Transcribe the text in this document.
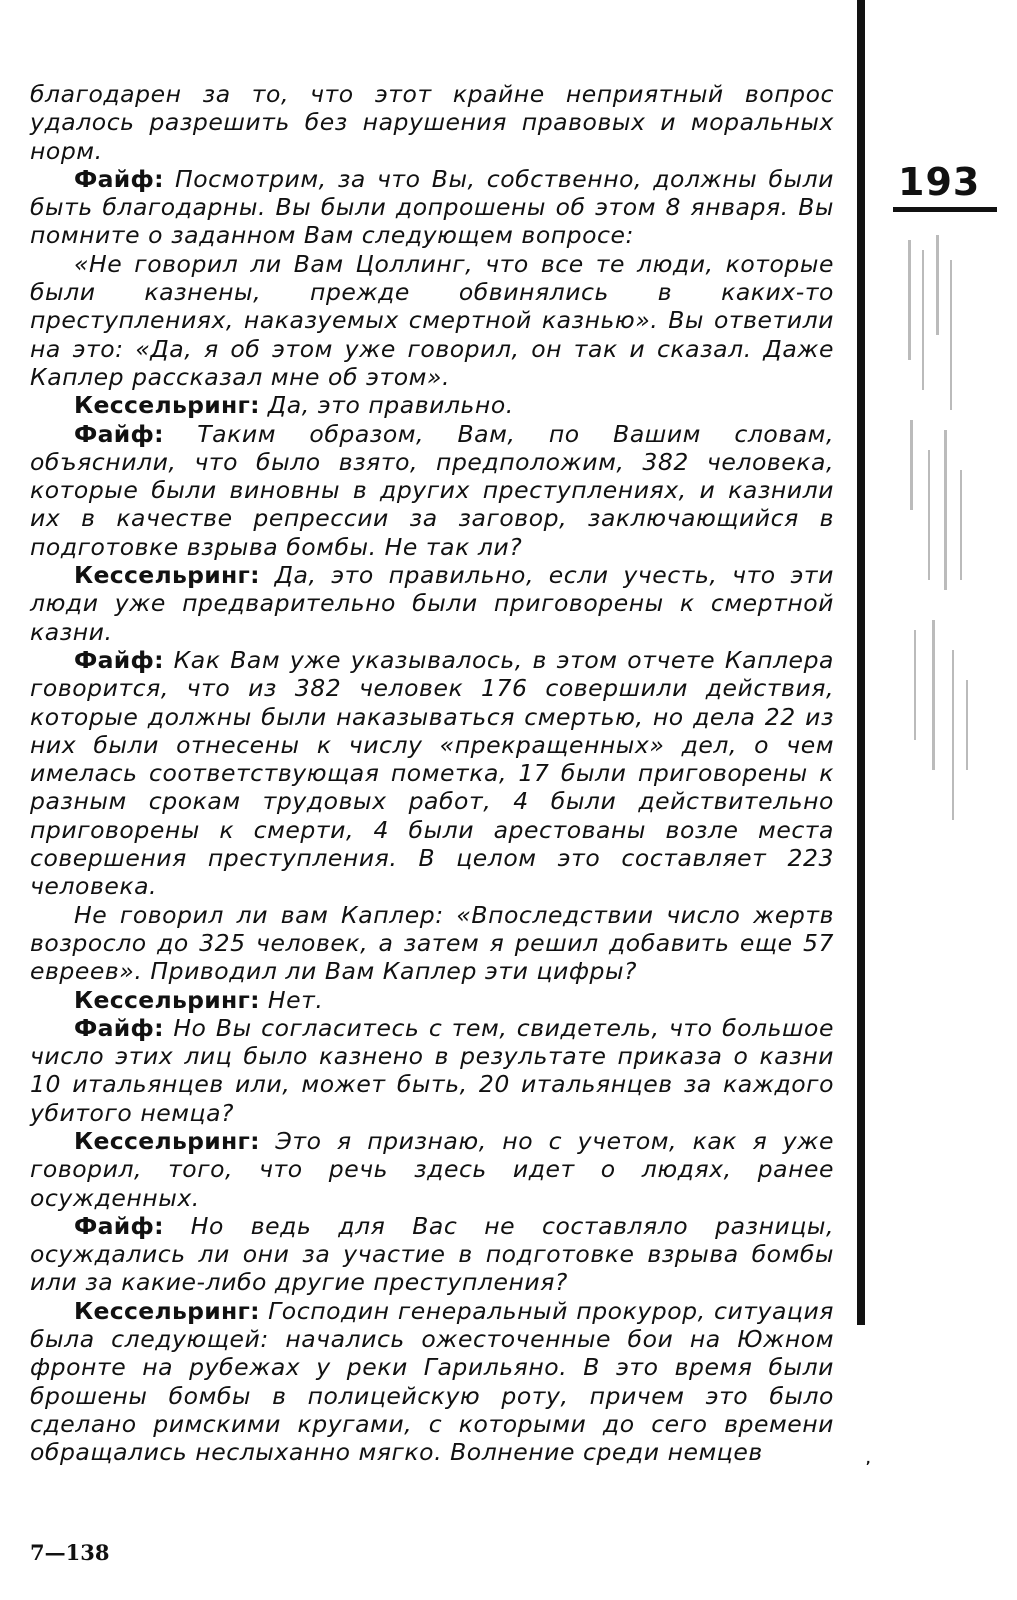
193

благодарен за то, что этот крайне неприятный вопрос удалось разрешить без нарушения правовых и моральных норм.

Файф: Посмотрим, за что Вы, собственно, должны были быть благодарны. Вы были допрошены об этом 8 января. Вы помните о заданном Вам следующем вопросе:

«Не говорил ли Вам Цоллинг, что все те люди, которые были казнены, прежде обвинялись в каких-то преступлениях, наказуемых смертной казнью». Вы ответили на это: «Да, я об этом уже говорил, он так и сказал. Даже Каплер рассказал мне об этом».

Кессельринг: Да, это правильно.

Файф: Таким образом, Вам, по Вашим словам, объяснили, что было взято, предположим, 382 человека, которые были виновны в других преступлениях, и казнили их в качестве репрессии за заговор, заключающийся в подготовке взрыва бомбы. Не так ли?

Кессельринг: Да, это правильно, если учесть, что эти люди уже предварительно были приговорены к смертной казни.

Файф: Как Вам уже указывалось, в этом отчете Каплера говорится, что из 382 человек 176 совершили действия, которые должны были наказываться смертью, но дела 22 из них были отнесены к числу «прекращенных» дел, о чем имелась соответствующая пометка, 17 были приговорены к разным срокам трудовых работ, 4 были действительно приговорены к смерти, 4 были арестованы возле места совершения преступления. В целом это составляет 223 человека.

Не говорил ли вам Каплер: «Впоследствии число жертв возросло до 325 человек, а затем я решил добавить еще 57 евреев». Приводил ли Вам Каплер эти цифры?

Кессельринг: Нет.

Файф: Но Вы согласитесь с тем, свидетель, что большое число этих лиц было казнено в результате приказа о казни 10 итальянцев или, может быть, 20 итальянцев за каждого убитого немца?

Кессельринг: Это я признаю, но с учетом, как я уже говорил, того, что речь здесь идет о людях, ранее осужденных.

Файф: Но ведь для Вас не составляло разницы, осуждались ли они за участие в подготовке взрыва бомбы или за какие-либо другие преступления?

Кессельринг: Господин генеральный прокурор, ситуация была следующей: начались ожесточенные бои на Южном фронте на рубежах у реки Гарильяно. В это время были брошены бомбы в полицейскую роту, причем это было сделано римскими кругами, с которыми до сего времени обращались неслыханно мягко. Волнение среди немцев	,
7—138
